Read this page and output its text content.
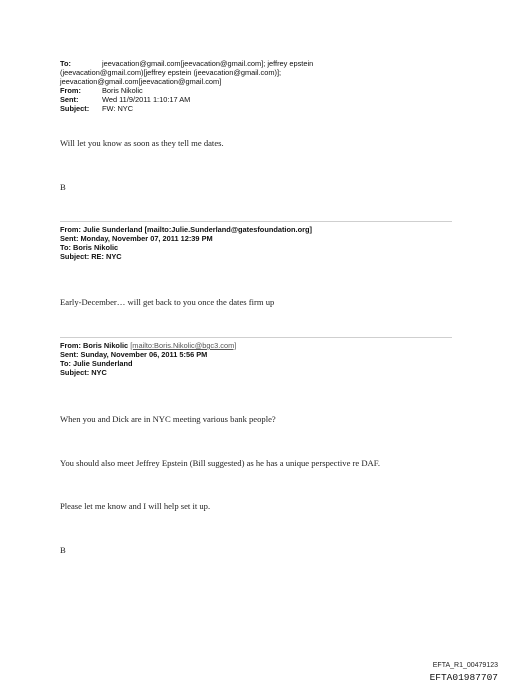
To:	jeevacation@gmail.com[jeevacation@gmail.com]; jeffrey epstein
(jeevacation@gmail.com)[jeffrey epstein (jeevacation@gmail.com)];
jeevacation@gmail.com[jeevacation@gmail.com]
From:	Boris Nikolic
Sent:	Wed 11/9/2011 1:10:17 AM
Subject: FW: NYC
Will let you know as soon as they tell me dates.
B
From: Julie Sunderland [mailto:Julie.Sunderland@gatesfoundation.org]
Sent: Monday, November 07, 2011 12:39 PM
To: Boris Nikolic
Subject: RE: NYC
Early-December… will get back to you once the dates firm up
From: Boris Nikolic [mailto:Boris.Nikolic@bgc3.com]
Sent: Sunday, November 06, 2011 5:56 PM
To: Julie Sunderland
Subject: NYC
When you and Dick are in NYC meeting various bank people?
You should also meet Jeffrey Epstein (Bill suggested) as he has a unique perspective re DAF.
Please let me know and I will help set it up.
B
EFTA_R1_00479123
EFTA01987707
